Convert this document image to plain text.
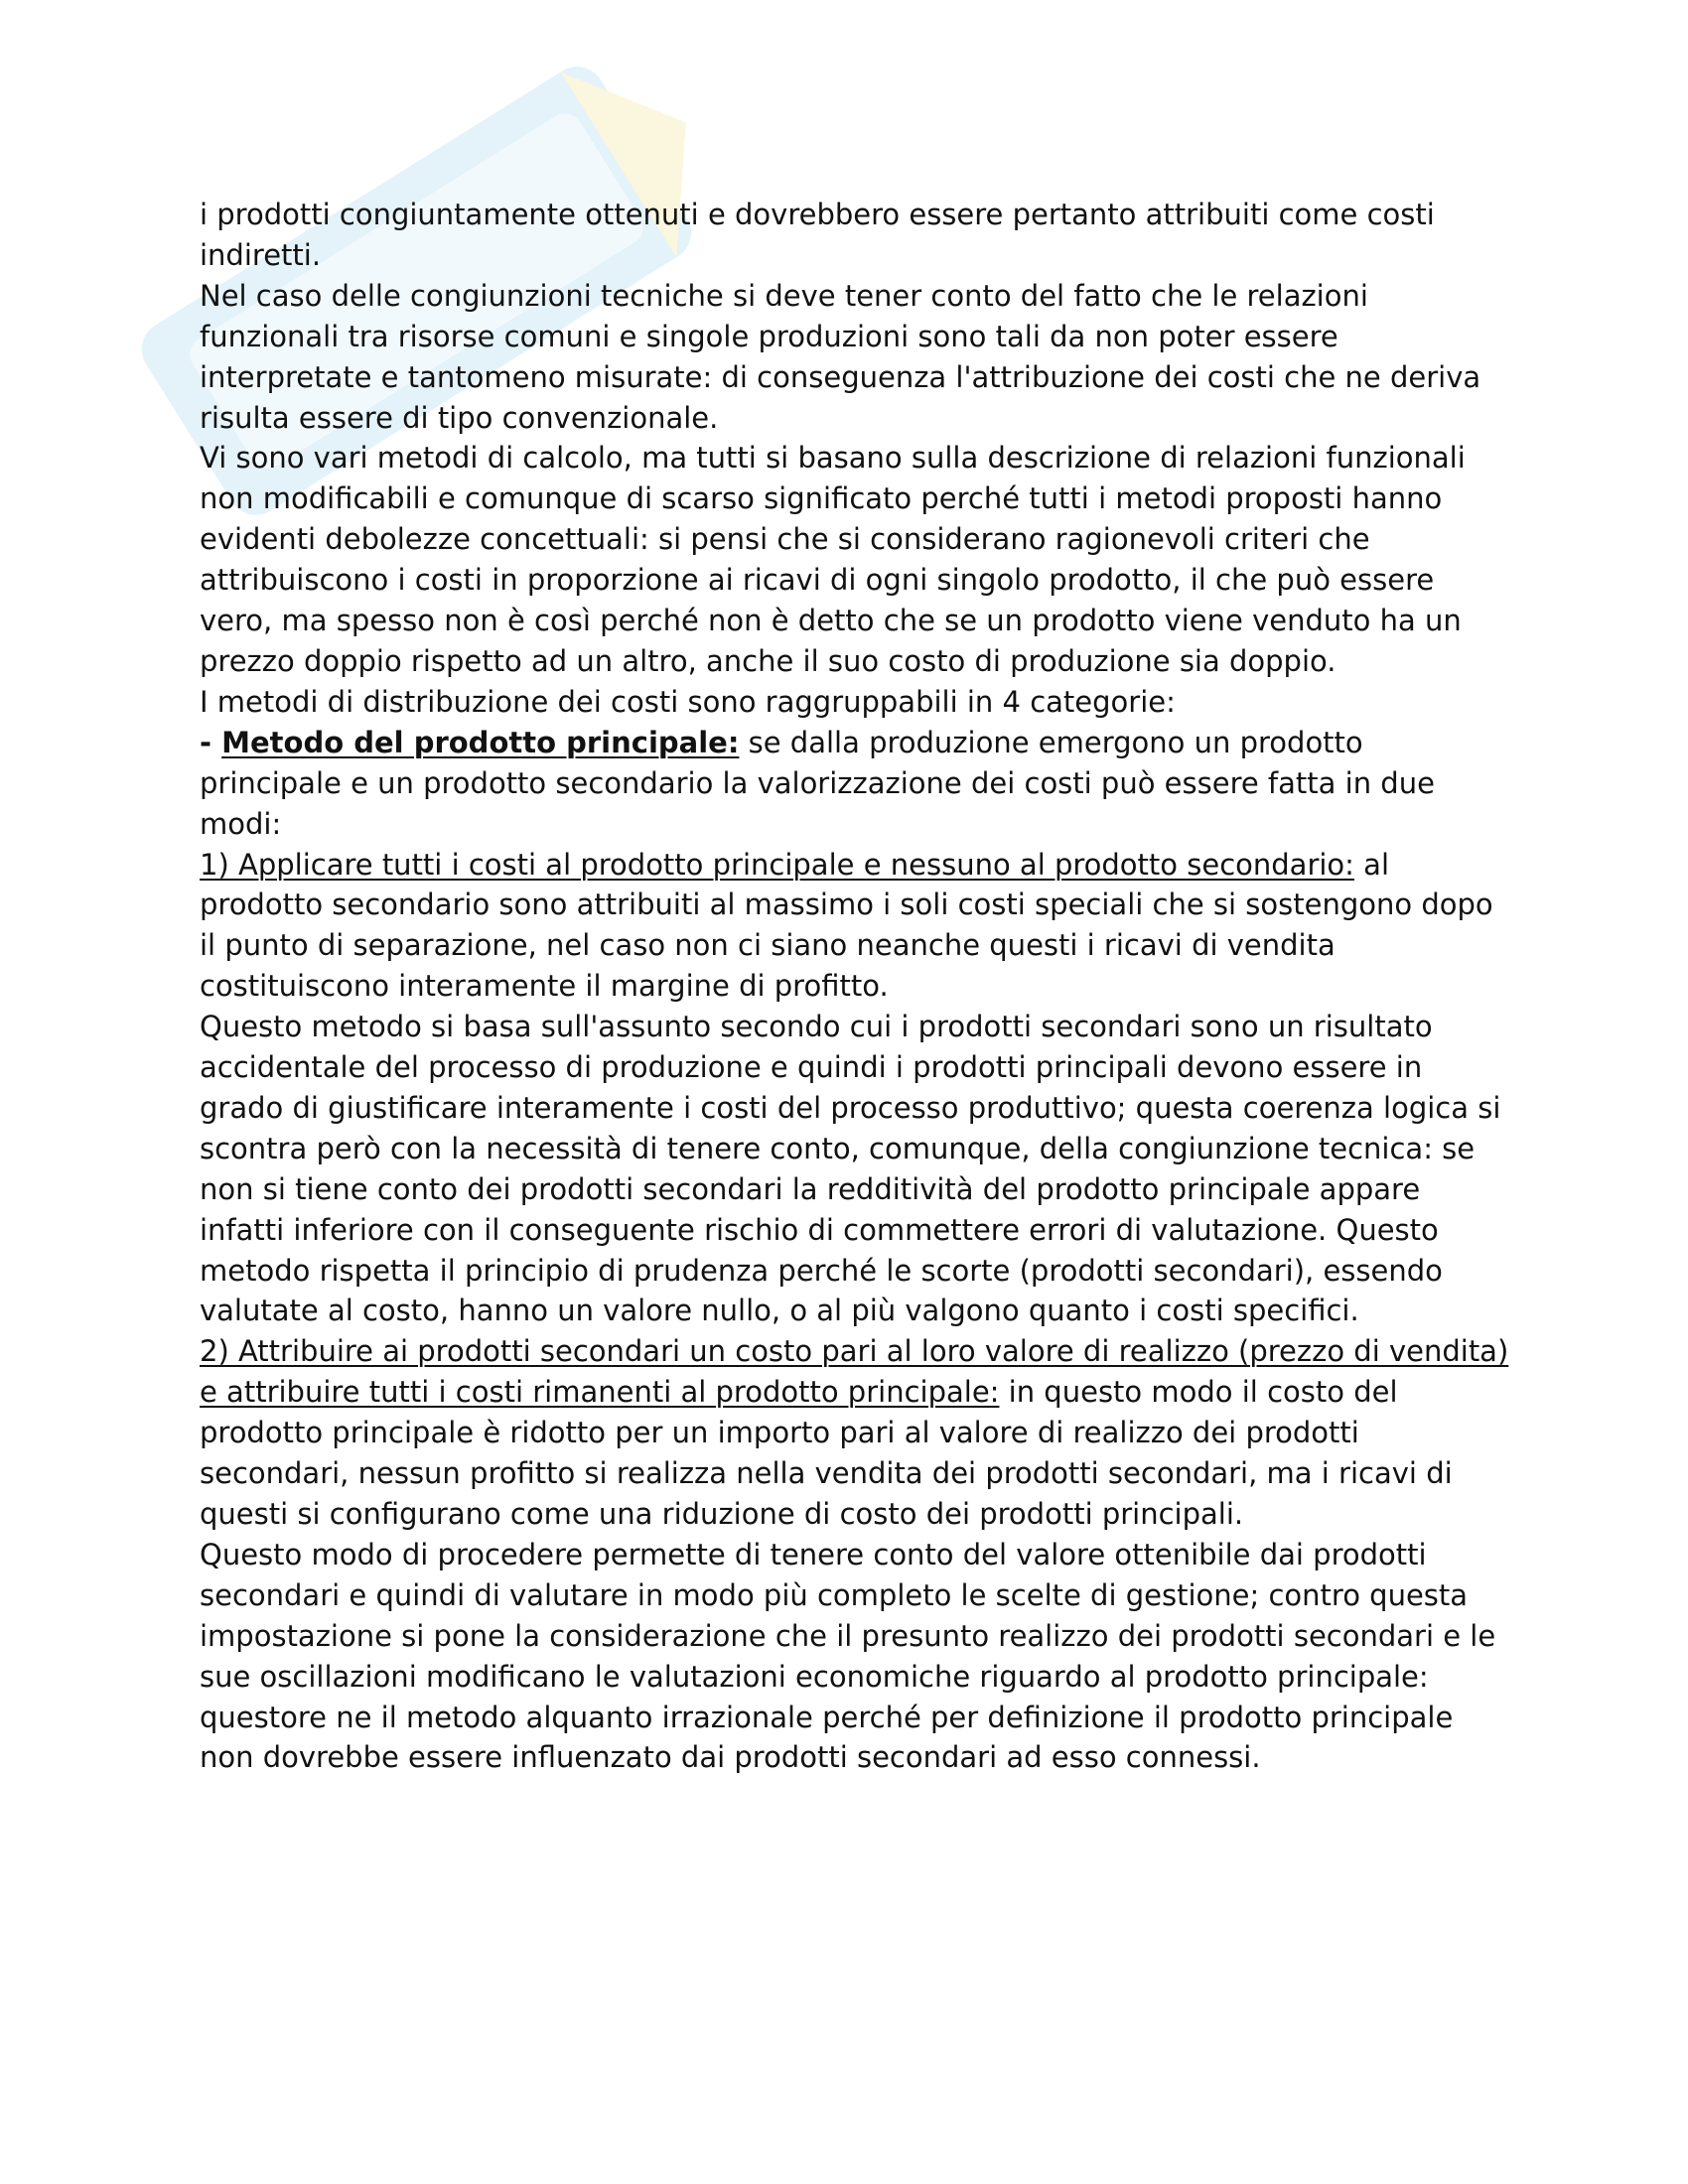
i prodotti congiuntamente ottenuti e dovrebbero essere pertanto attribuiti come costi indiretti.

Nel caso delle congiunzioni tecniche si deve tener conto del fatto che le relazioni funzionali tra risorse comuni e singole produzioni sono tali da non poter essere interpretate e tantomeno misurate: di conseguenza l'attribuzione dei costi che ne deriva risulta essere di tipo convenzionale.

Vi sono vari metodi di calcolo, ma tutti si basano sulla descrizione di relazioni funzionali non modificabili e comunque di scarso significato perché tutti i metodi proposti hanno evidenti debolezze concettuali: si pensi che si considerano ragionevoli criteri che attribuiscono i costi in proporzione ai ricavi di ogni singolo prodotto, il che può essere vero, ma spesso non è così perché non è detto che se un prodotto viene venduto ha un prezzo doppio rispetto ad un altro, anche il suo costo di produzione sia doppio.

I metodi di distribuzione dei costi sono raggruppabili in 4 categorie:

- Metodo del prodotto principale: se dalla produzione emergono un prodotto principale e un prodotto secondario la valorizzazione dei costi può essere fatta in due modi:

1) Applicare tutti i costi al prodotto principale e nessuno al prodotto secondario: al prodotto secondario sono attribuiti al massimo i soli costi speciali che si sostengono dopo il punto di separazione, nel caso non ci siano neanche questi i ricavi di vendita costituiscono interamente il margine di profitto.

Questo metodo si basa sull'assunto secondo cui i prodotti secondari sono un risultato accidentale del processo di produzione e quindi i prodotti principali devono essere in grado di giustificare interamente i costi del processo produttivo; questa coerenza logica si scontra però con la necessità di tenere conto, comunque, della congiunzione tecnica: se non si tiene conto dei prodotti secondari la redditività del prodotto principale appare infatti inferiore con il conseguente rischio di commettere errori di valutazione. Questo metodo rispetta il principio di prudenza perché le scorte (prodotti secondari), essendo valutate al costo, hanno un valore nullo, o al più valgono quanto i costi specifici.

2) Attribuire ai prodotti secondari un costo pari al loro valore di realizzo (prezzo di vendita) e attribuire tutti i costi rimanenti al prodotto principale: in questo modo il costo del prodotto principale è ridotto per un importo pari al valore di realizzo dei prodotti secondari, nessun profitto si realizza nella vendita dei prodotti secondari, ma i ricavi di questi si configurano come una riduzione di costo dei prodotti principali.

Questo modo di procedere permette di tenere conto del valore ottenibile dai prodotti secondari e quindi di valutare in modo più completo le scelte di gestione; contro questa impostazione si pone la considerazione che il presunto realizzo dei prodotti secondari e le sue oscillazioni modificano le valutazioni economiche riguardo al prodotto principale: questore ne il metodo alquanto irrazionale perché per definizione il prodotto principale non dovrebbe essere influenzato dai prodotti secondari ad esso connessi.
